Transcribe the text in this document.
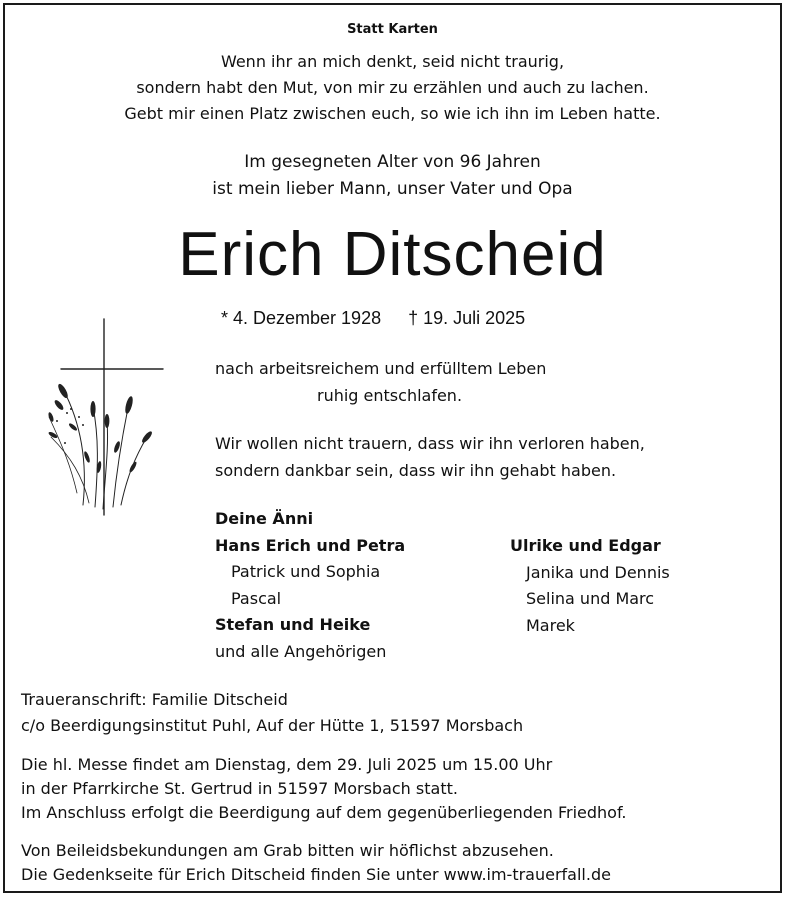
Statt Karten
Wenn ihr an mich denkt, seid nicht traurig,
sondern habt den Mut, von mir zu erzählen und auch zu lachen.
Gebt mir einen Platz zwischen euch, so wie ich ihn im Leben hatte.
Im gesegneten Alter von 96 Jahren
ist mein lieber Mann, unser Vater und Opa
Erich Ditscheid
* 4. Dezember 1928 † 19. Juli 2025
nach arbeitsreichem und erfülltem Leben
ruhig entschlafen.
Wir wollen nicht trauern, dass wir ihn verloren haben,
sondern dankbar sein, dass wir ihn gehabt haben.
Deine Änni
Hans Erich und Petra
Patrick und Sophia
Pascal
Stefan und Heike
und alle Angehörigen
Ulrike und Edgar
Janika und Dennis
Selina und Marc
Marek
Traueranschrift: Familie Ditscheid
c/o Beerdigungsinstitut Puhl, Auf der Hütte 1, 51597 Morsbach
Die hl. Messe findet am Dienstag, dem 29. Juli 2025 um 15.00 Uhr
in der Pfarrkirche St. Gertrud in 51597 Morsbach statt.
Im Anschluss erfolgt die Beerdigung auf dem gegenüberliegenden Friedhof.
Von Beileidsbekundungen am Grab bitten wir höflichst abzusehen.
Die Gedenkseite für Erich Ditscheid finden Sie unter www.im-trauerfall.de
